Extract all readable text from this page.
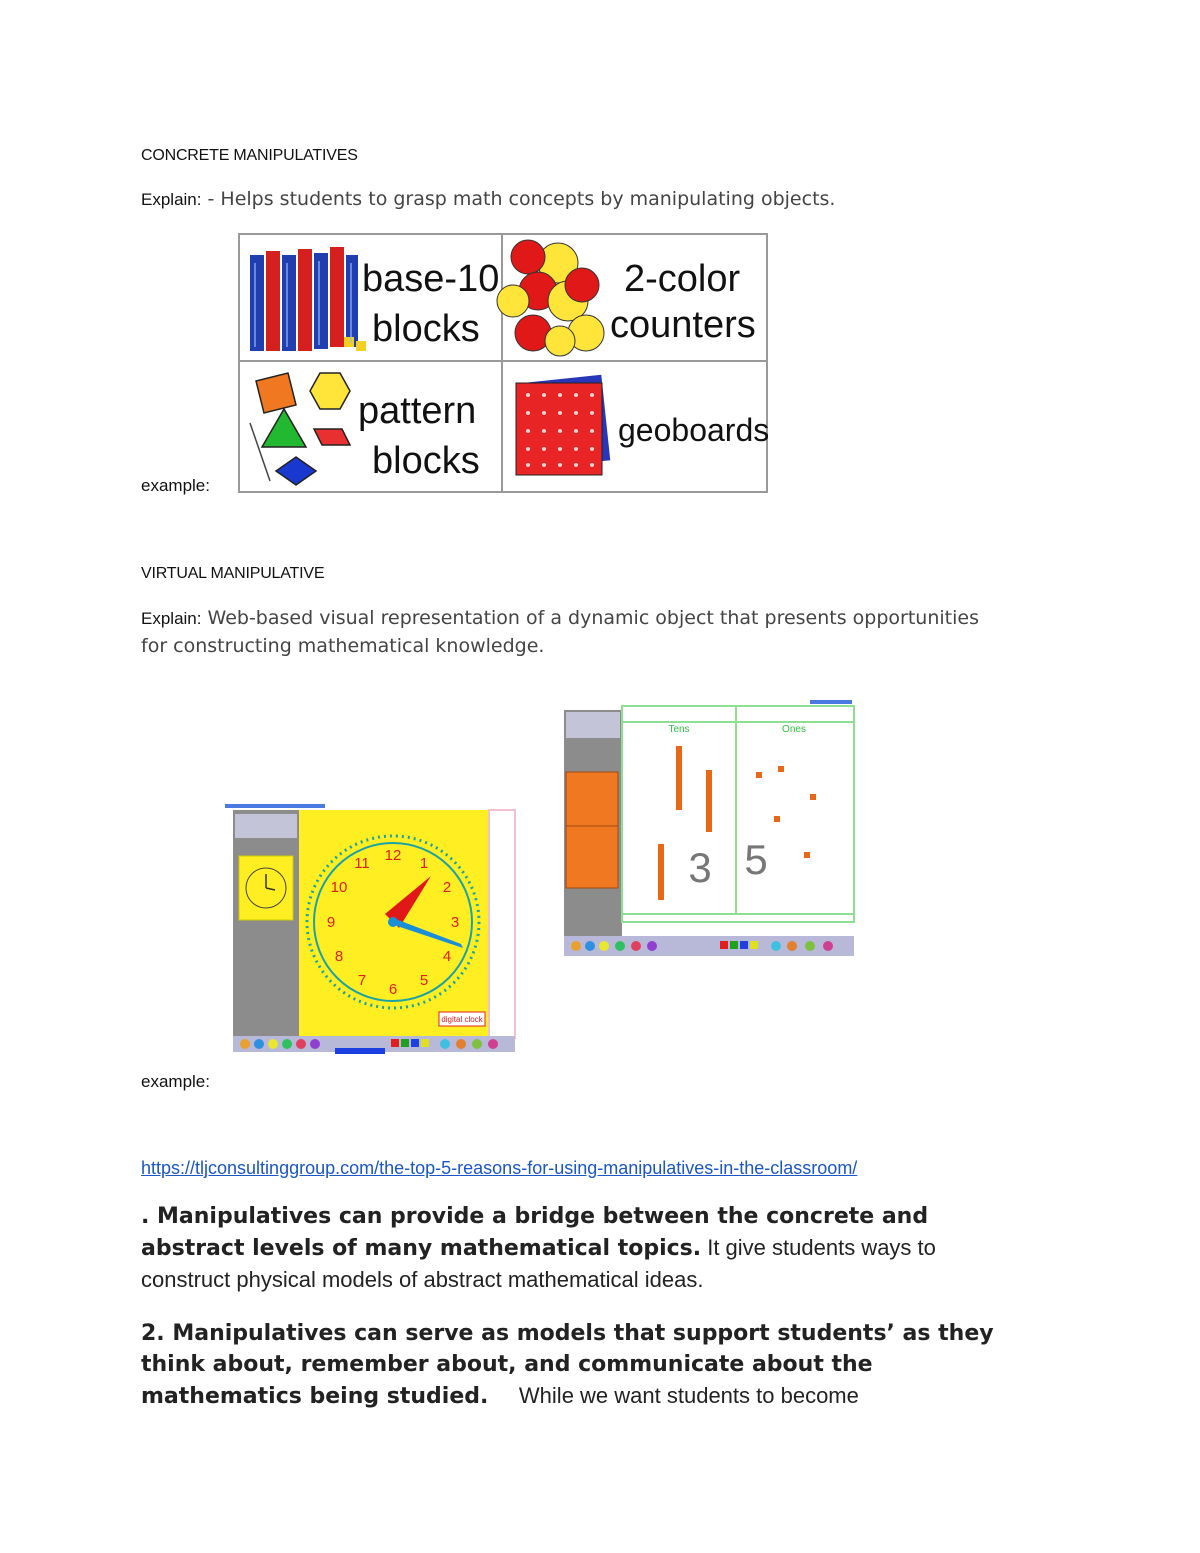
CONCRETE MANIPULATIVES
Explain: - Helps students to grasp math concepts by manipulating objects.
example:
base-10
blocks
2-color
counters
pattern
blocks
geoboards
VIRTUAL MANIPULATIVE
Explain: Web-based visual representation of a dynamic object that presents opportunities
for constructing mathematical knowledge.
12 1
2
3
4
5
6
7
8
9
10
11
digital clock
Tens	Ones
3 5
example:
https://tljconsultinggroup.com/the-top-5-reasons-for-using-manipulatives-in-the-classroom/
. Manipulatives can provide a bridge between the concrete and
abstract levels of many mathematical topics. It give students ways to
construct physical models of abstract mathematical ideas.
2. Manipulatives can serve as models that support students’ as they
think about, remember about, and communicate about the
mathematics being studied.     While we want students to become
